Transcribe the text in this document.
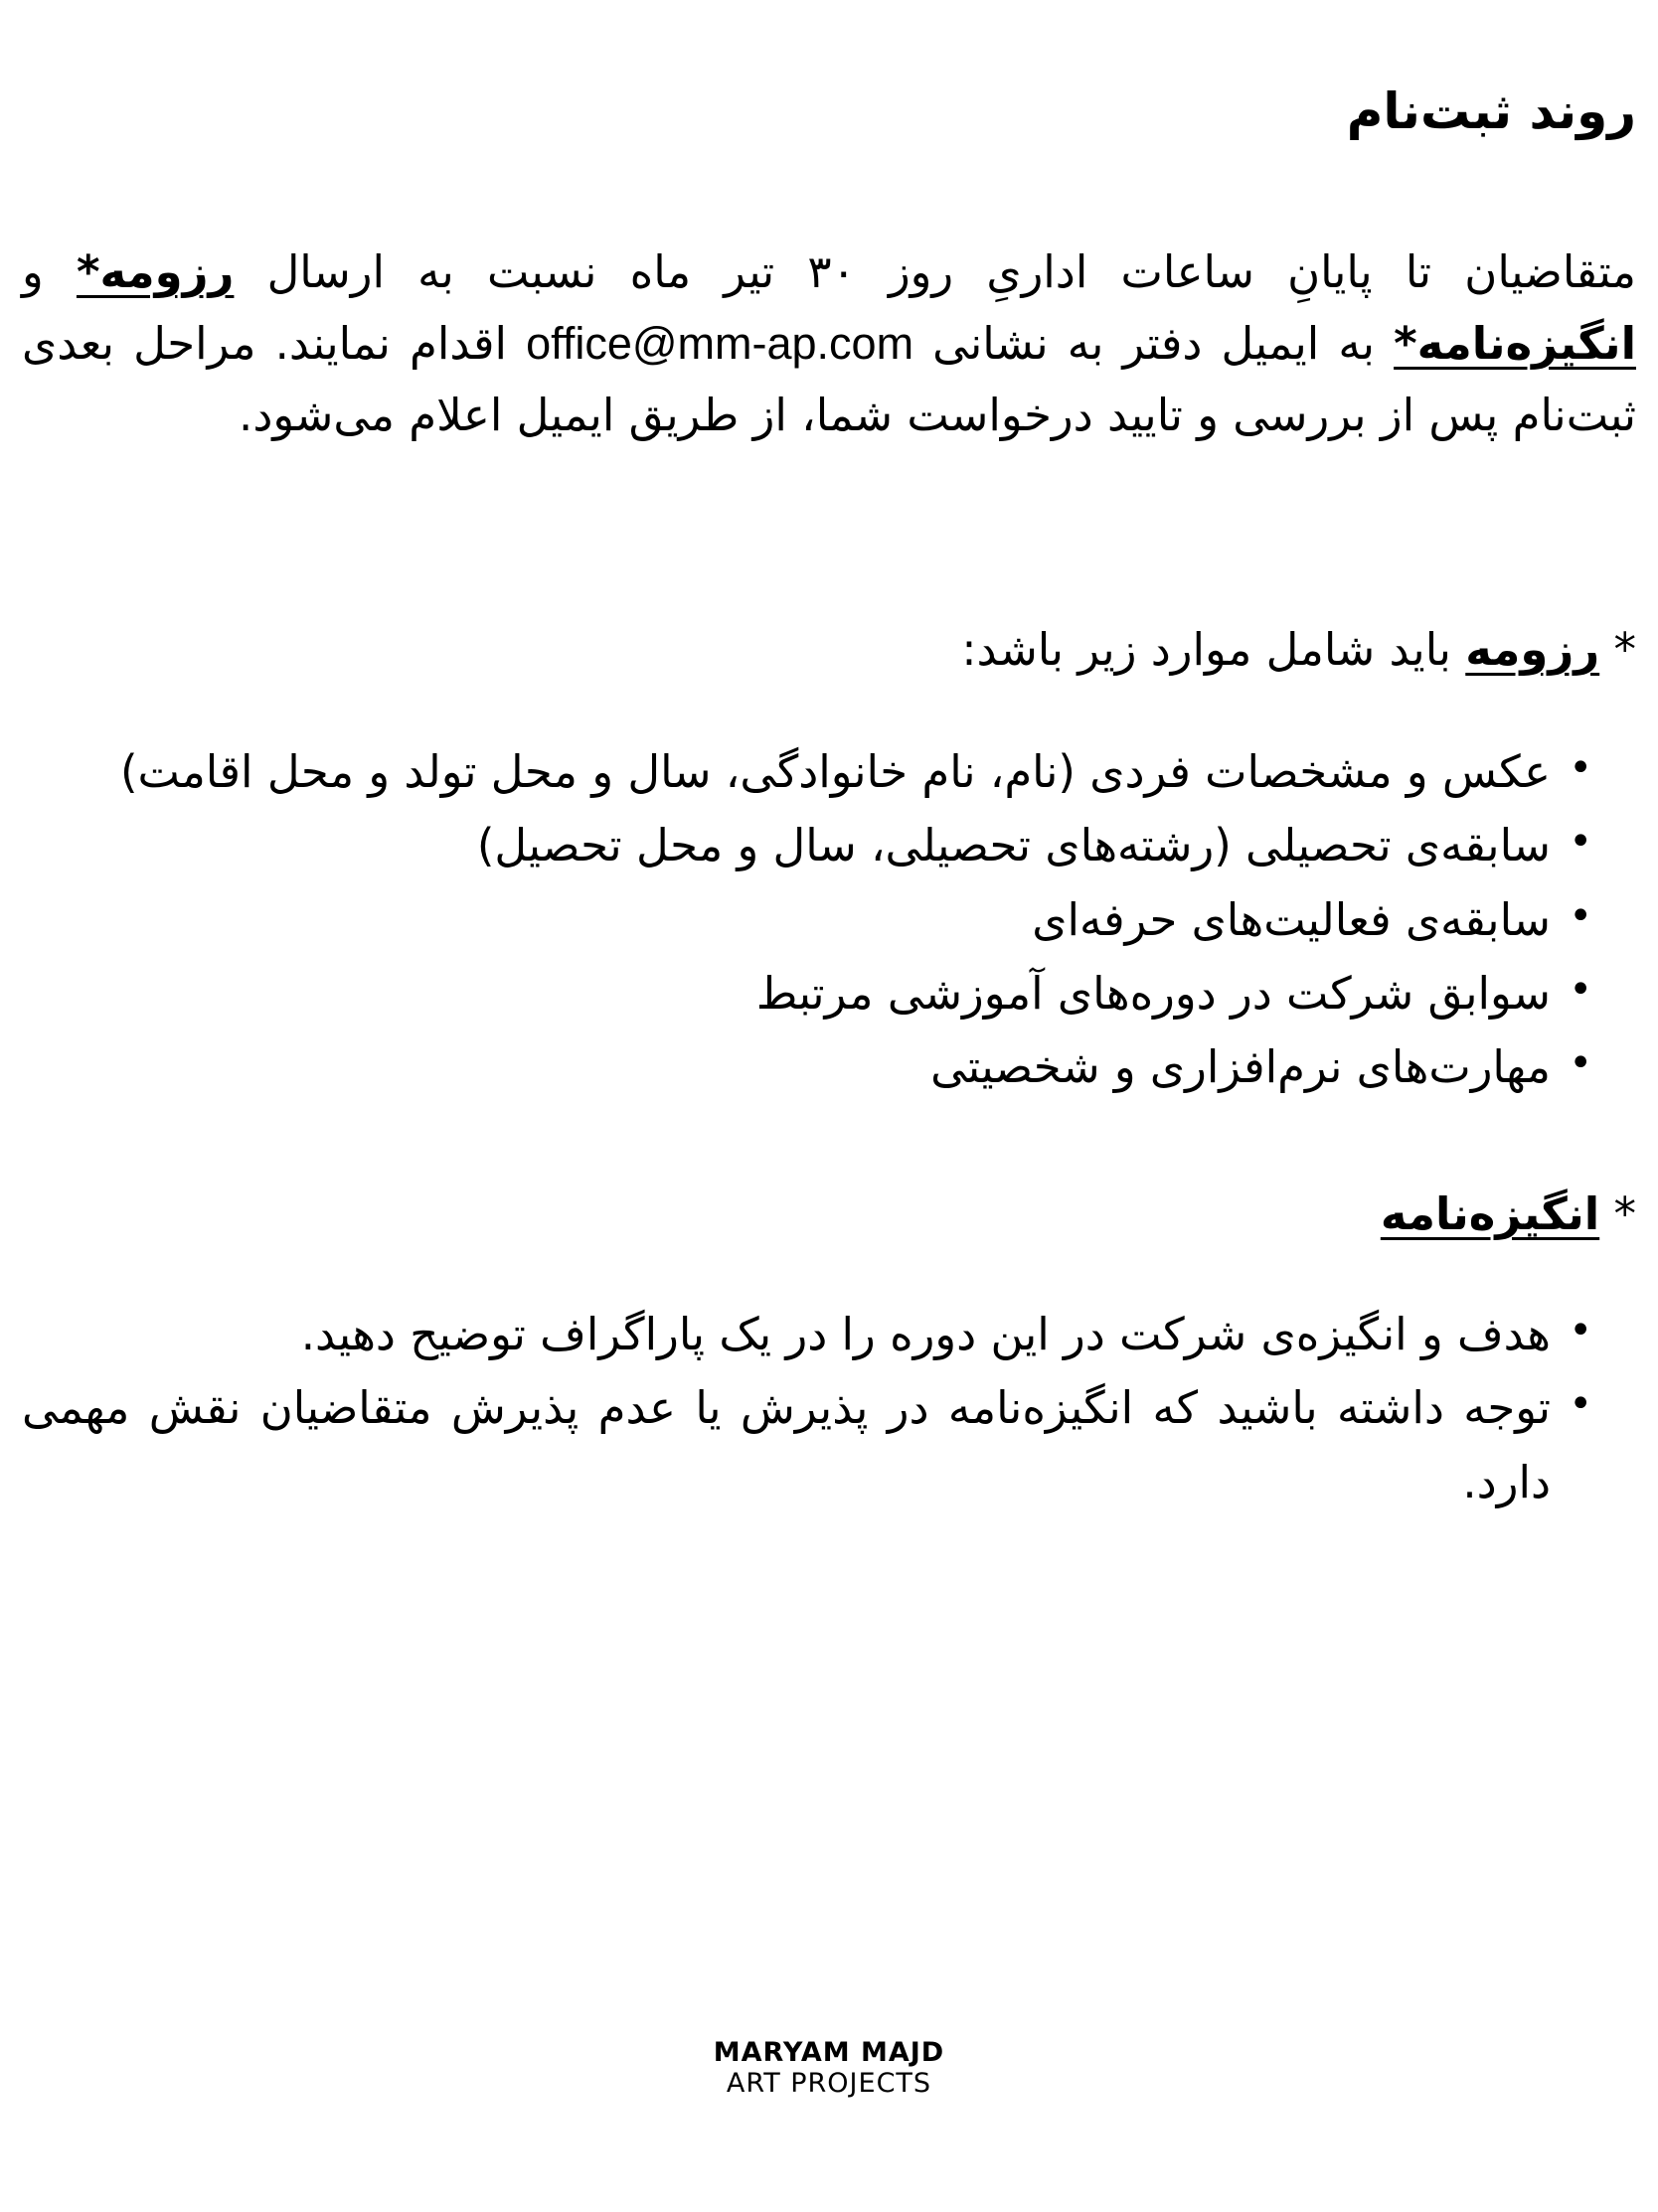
روند ثبت‌نام

متقاضیان تا پایانِ ساعات اداریِ روز ۳۰ تیر ماه نسبت به ارسال رزومه* و انگیزه‌نامه* به ایمیل دفتر به نشانی office@mm-ap.com اقدام نمایند. مراحل بعدی ثبت‌نام پس از بررسی و تایید درخواست شما، از طریق ایمیل اعلام می‌شود.

* رزومه باید شامل موارد زیر باشد:
•
عکس و مشخصات فردی (نام، نام خانوادگی، سال و محل تولد و محل اقامت)
•
سابقه‌ی تحصیلی (رشته‌های تحصیلی، سال و محل تحصیل)
•
سابقه‌ی فعالیت‌های حرفه‌ای
•
سوابق شرکت در دوره‌های آموزشی مرتبط
•
مهارت‌های نرم‌افزاری و شخصیتی
* انگیزه‌نامه
•
هدف و انگیزه‌ی شرکت در این دوره را در یک پاراگراف توضیح دهید.
•
توجه داشته باشید که انگیزه‌نامه در پذیرش یا عدم پذیرش متقاضیان نقش مهمی دارد.
MARYAM MAJD
ART PROJECTS
